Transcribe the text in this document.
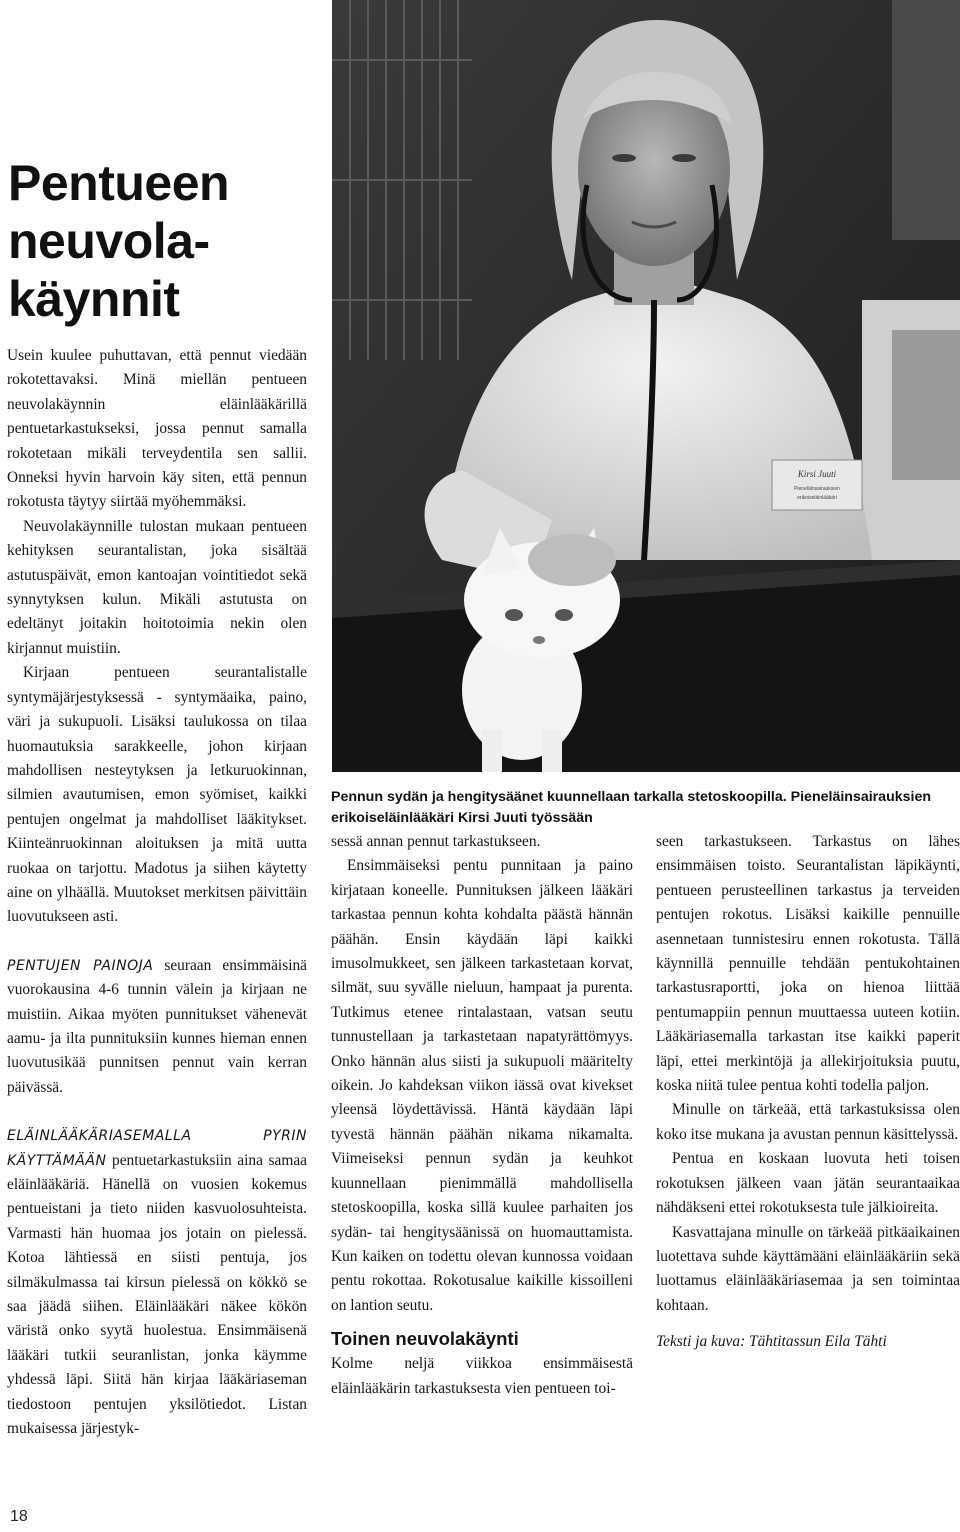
Pentueen
neuvola-
käynnit

Usein kuulee puhuttavan, että pennut viedään rokotettavaksi. Minä miellän pentueen neuvolakäynnin eläinlääkärillä pentuetarkastukseksi, jossa pennut samalla rokotetaan mikäli terveydentila sen sallii. Onneksi hyvin harvoin käy siten, että pennun rokotusta täytyy siirtää myöhemmäksi.

Neuvolakäynnille tulostan mukaan pentueen kehityksen seurantalistan, joka sisältää astutuspäivät, emon kantoajan vointitiedot sekä synnytyksen kulun. Mikäli astutusta on edeltänyt joitakin hoitotoimia nekin olen kirjannut muistiin.

Kirjaan pentueen seurantalistalle syntymäjärjestyksessä - syntymäaika, paino, väri ja sukupuoli. Lisäksi taulukossa on tilaa huomautuksia sarakkeelle, johon kirjaan mahdollisen nesteytyksen ja letkuruokinnan, silmien avautumisen, emon syömiset, kaikki pentujen ongelmat ja mahdolliset lääkitykset. Kiinteänruokinnan aloituksen ja mitä uutta ruokaa on tarjottu. Madotus ja siihen käytetty aine on ylhäällä. Muutokset merkitsen päivittäin luovutukseen asti.

PENTUJEN PAINOJA seuraan ensimmäisinä vuorokausina 4-6 tunnin välein ja kirjaan ne muistiin. Aikaa myöten punnitukset vähenevät aamu- ja ilta punnituksiin kunnes hieman ennen luovutusikää punnitsen pennut vain kerran päivässä.

ELÄINLÄÄKÄRIASEMALLA PYRIN KÄYTTÄMÄÄN pentuetarkastuksiin aina samaa eläinlääkäriä. Hänellä on vuosien kokemus pentueistani ja tieto niiden kasvuolosuhteista. Varmasti hän huomaa jos jotain on pielessä. Kotoa lähtiessä en siisti pentuja, jos silmäkulmassa tai kirsun pielessä on kökkö se saa jäädä siihen. Eläinlääkäri näkee kökön väristä onko syytä huolestua. Ensimmäisenä lääkäri tutkii seuranlistan, jonka käymme yhdessä läpi. Siitä hän kirjaa lääkäriaseman tiedostoon pentujen yksilötiedot. Listan mukaisessa järjestyk-

Kirsi Juuti
Pieneläinsairauksien
erikoiseläinlääkäri
Pennun sydän ja hengitysäänet kuunnellaan tarkalla stetoskoopilla. Pieneläinsairauksien erikoiseläinlääkäri Kirsi Juuti työssään

sessä annan pennut tarkastukseen.

Ensimmäiseksi pentu punnitaan ja paino kirjataan koneelle. Punnituksen jälkeen lääkäri tarkastaa pennun kohta kohdalta päästä hännän päähän. Ensin käydään läpi kaikki imusolmukkeet, sen jälkeen tarkastetaan korvat, silmät, suu syvälle nieluun, hampaat ja purenta. Tutkimus etenee rintalastaan, vatsan seutu tunnustellaan ja tarkastetaan napatyrättömyys. Onko hännän alus siisti ja sukupuoli määritelty oikein. Jo kahdeksan viikon iässä ovat kivekset yleensä löydettävissä. Häntä käydään läpi tyvestä hännän päähän nikama nikamalta. Viimeiseksi pennun sydän ja keuhkot kuunnellaan pienimmällä mahdollisella stetoskoopilla, koska sillä kuulee parhaiten jos sydän- tai hengitysäänissä on huomauttamista. Kun kaiken on todettu olevan kunnossa voidaan pentu rokottaa. Rokotusalue kaikille kissoilleni on lantion seutu.

Toinen neuvolakäynti

Kolme neljä viikkoa ensimmäisestä eläinlääkärin tarkastuksesta vien pentueen toi-

seen tarkastukseen. Tarkastus on lähes ensimmäisen toisto. Seurantalistan läpikäynti, pentueen perusteellinen tarkastus ja terveiden pentujen rokotus. Lisäksi kaikille pennuille asennetaan tunnistesiru ennen rokotusta. Tällä käynnillä pennuille tehdään pentukohtainen tarkastusraportti, joka on hienoa liittää pentumappiin pennun muuttaessa uuteen kotiin. Lääkäriasemalla tarkastan itse kaikki paperit läpi, ettei merkintöjä ja allekirjoituksia puutu, koska niitä tulee pentua kohti todella paljon.

Minulle on tärkeää, että tarkastuksissa olen koko itse mukana ja avustan pennun käsittelyssä.

Pentua en koskaan luovuta heti toisen rokotuksen jälkeen vaan jätän seurantaaikaa nähdäkseni ettei rokotuksesta tule jälkioireita.

Kasvattajana minulle on tärkeää pitkäaikainen luotettava suhde käyttämääni eläinlääkäriin sekä luottamus eläinlääkäriasemaa ja sen toimintaa kohtaan.

Teksti ja kuva: Tähtitassun Eila Tähti

18
